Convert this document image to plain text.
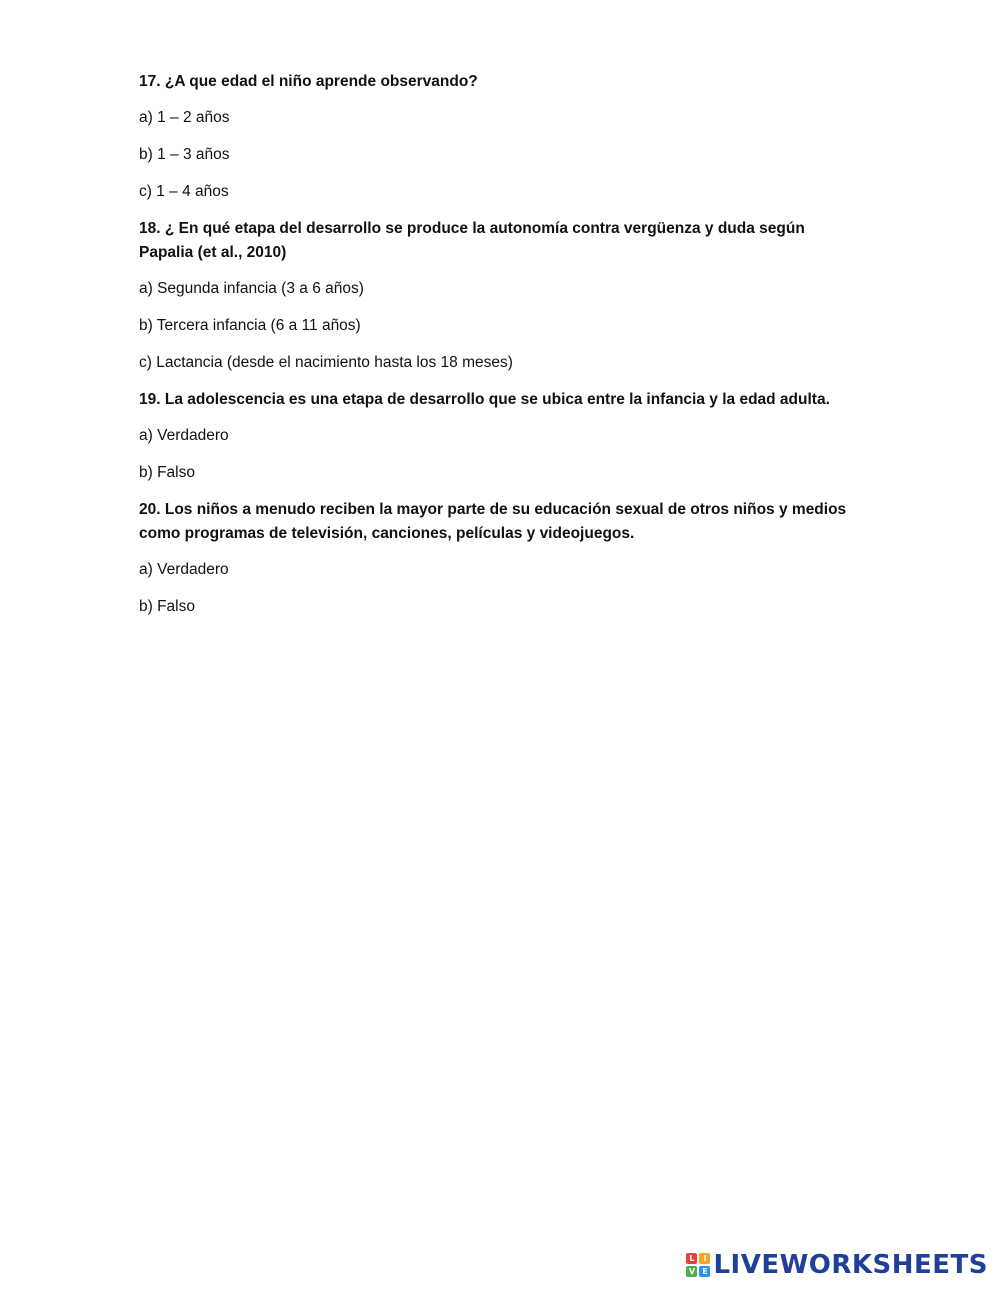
17. ¿A que edad el niño aprende observando?
a) 1 – 2 años
b) 1 – 3 años
c) 1 – 4 años
18. ¿ En qué etapa del desarrollo se produce la autonomía contra vergüenza y duda según
Papalia (et al., 2010)
a) Segunda infancia (3 a 6 años)
b) Tercera infancia (6 a 11 años)
c) Lactancia (desde el nacimiento hasta los 18 meses)
19. La adolescencia es una etapa de desarrollo que se ubica entre la infancia y la edad adulta.
a) Verdadero
b) Falso
20. Los niños a menudo reciben la mayor parte de su educación sexual de otros niños y medios
como programas de televisión, canciones, películas y videojuegos.
a) Verdadero
b) Falso
L	I
V E LIVEWORKSHEETS
